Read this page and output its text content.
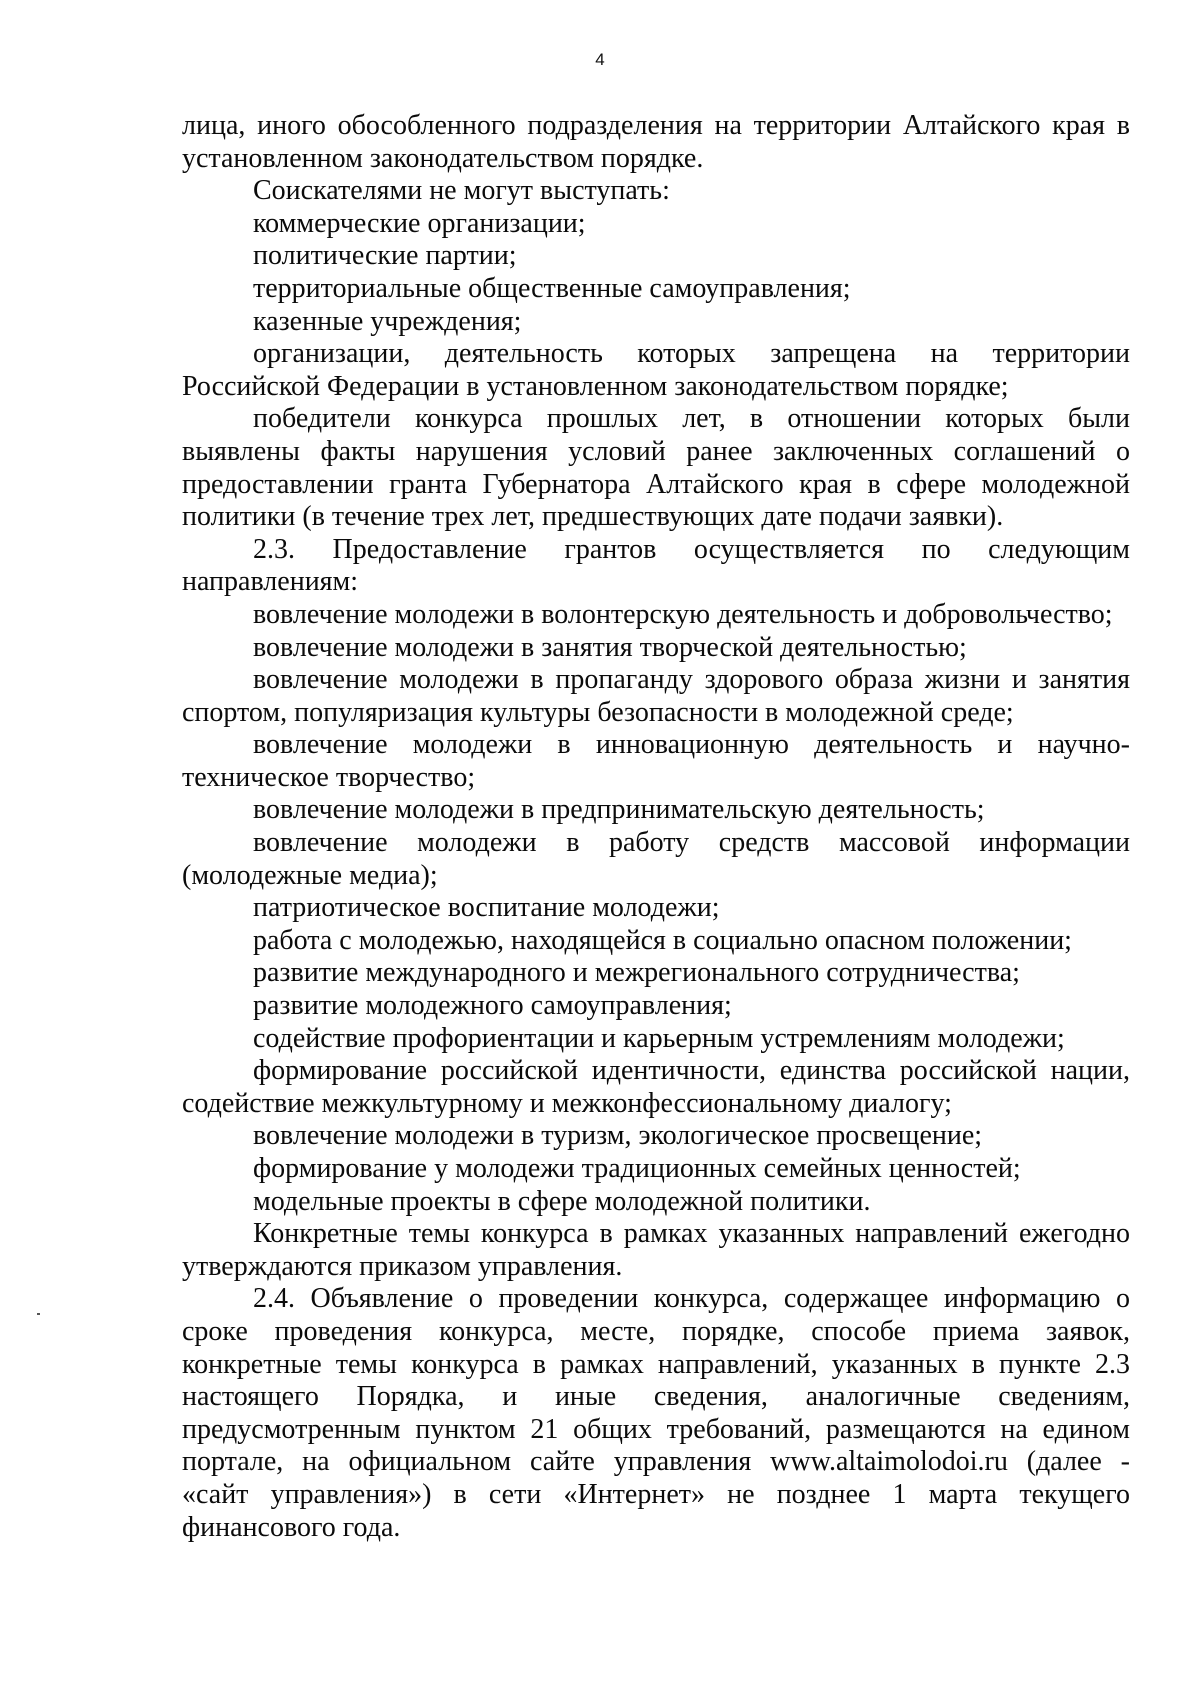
4
лица, иного обособленного подразделения на территории Алтайского края в
установленном законодательством порядке.
Соискателями не могут выступать:
коммерческие организации;
политические партии;
территориальные общественные самоуправления;
казенные учреждения;
организации, деятельность которых запрещена на территории
Российской Федерации в установленном законодательством порядке;
победители конкурса прошлых лет, в отношении которых были
выявлены факты нарушения условий ранее заключенных соглашений о
предоставлении гранта Губернатора Алтайского края в сфере молодежной
политики (в течение трех лет, предшествующих дате подачи заявки).
2.3. Предоставление грантов осуществляется по следующим
направлениям:
вовлечение молодежи в волонтерскую деятельность и добровольчество;
вовлечение молодежи в занятия творческой деятельностью;
вовлечение молодежи в пропаганду здорового образа жизни и занятия
спортом, популяризация культуры безопасности в молодежной среде;
вовлечение молодежи в инновационную деятельность и научно-
техническое творчество;
вовлечение молодежи в предпринимательскую деятельность;
вовлечение молодежи в работу средств массовой информации
(молодежные медиа);
патриотическое воспитание молодежи;
работа с молодежью, находящейся в социально опасном положении;
развитие международного и межрегионального сотрудничества;
развитие молодежного самоуправления;
содействие профориентации и карьерным устремлениям молодежи;
формирование российской идентичности, единства российской нации,
содействие межкультурному и межконфессиональному диалогу;
вовлечение молодежи в туризм, экологическое просвещение;
формирование у молодежи традиционных семейных ценностей;
модельные проекты в сфере молодежной политики.
Конкретные темы конкурса в рамках указанных направлений ежегодно
утверждаются приказом управления.
2.4. Объявление о проведении конкурса, содержащее информацию о
сроке проведения конкурса, месте, порядке, способе приема заявок,
конкретные темы конкурса в рамках направлений, указанных в пункте 2.3
настоящего Порядка, и иные сведения, аналогичные сведениям,
предусмотренным пунктом 21 общих требований, размещаются на едином
портале, на официальном сайте управления www.altaimolodoi.ru (далее -
«сайт управления») в сети «Интернет» не позднее 1 марта текущего
финансового года.
